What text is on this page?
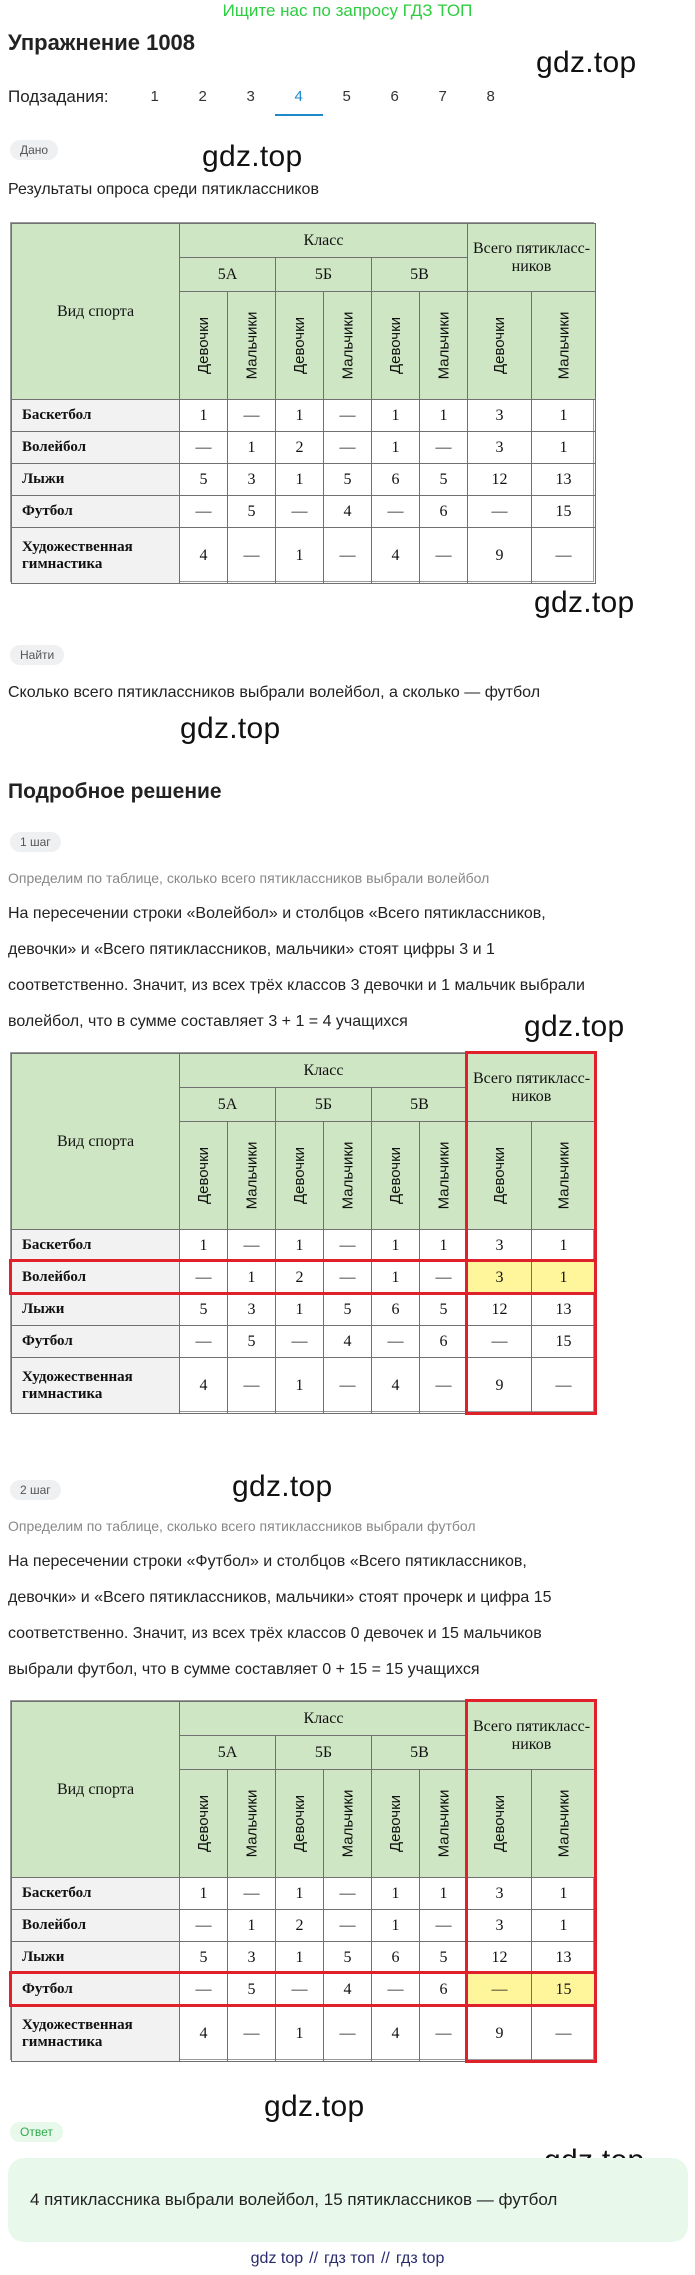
Ищите нас по запросу ГДЗ ТОП
Упражнение 1008
gdz.top
gdz.top
gdz.top
gdz.top
gdz.top
gdz.top
gdz.top
Подзадания:	1	2	3	4	5	6	7	8
Дано
Результаты опроса среди пятиклассников
Вид спорта
Класс	Всего пятикласс-ников
5А	5Б	5В
Девочки Мальчики Девочки Мальчики Девочки Мальчики	Девочки	Мальчики
Баскетбол	1	—	1	—	1	1	3	1
Волейбол	—	1	2	—	1	—	3	1
Лыжи	5	3	1	5	6	5	12	13
Футбол	—	5	—	4	—	6	—	15
Художественная гимнастика	4	—	1	—	4	—	9	—
Найти
Сколько всего пятиклассников выбрали волейбол, а сколько — футбол
Подробное решение
1 шаг
Определим по таблице, сколько всего пятиклассников выбрали волейбол
На пересечении строки «Волейбол» и столбцов «Всего пятиклассников,
девочки» и «Всего пятиклассников, мальчики» стоят цифры 3 и 1
соответственно. Значит, из всех трёх классов 3 девочки и 1 мальчик выбрали
волейбол, что в сумме составляет 3 + 1 = 4 учащихся
Вид спорта
Класс	Всего пятикласс-ников
5А	5Б	5В
Девочки Мальчики Девочки Мальчики Девочки Мальчики	Девочки	Мальчики
Баскетбол	1	—	1	—	1	1	3	1
Волейбол	—	1	2	—	1	—	3	1
Лыжи	5	3	1	5	6	5	12	13
Футбол	—	5	—	4	—	6	—	15
Художественная гимнастика	4	—	1	—	4	—	9	—
2 шаг
Определим по таблице, сколько всего пятиклассников выбрали футбол
На пересечении строки «Футбол» и столбцов «Всего пятиклассников,
девочки» и «Всего пятиклассников, мальчики» стоят прочерк и цифра 15
соответственно. Значит, из всех трёх классов 0 девочек и 15 мальчиков
выбрали футбол, что в сумме составляет 0 + 15 = 15 учащихся
Вид спорта
Класс	Всего пятикласс-ников
5А	5Б	5В
Девочки Мальчики Девочки Мальчики Девочки Мальчики	Девочки	Мальчики
Баскетбол	1	—	1	—	1	1	3	1
Волейбол	—	1	2	—	1	—	3	1
Лыжи	5	3	1	5	6	5	12	13
Футбол	—	5	—	4	—	6	—	15
Художественная гимнастика	4	—	1	—	4	—	9	—
Ответ
4 пятиклассника выбрали волейбол, 15 пятиклассников — футбол
gdz top // гдз топ // гдз top
